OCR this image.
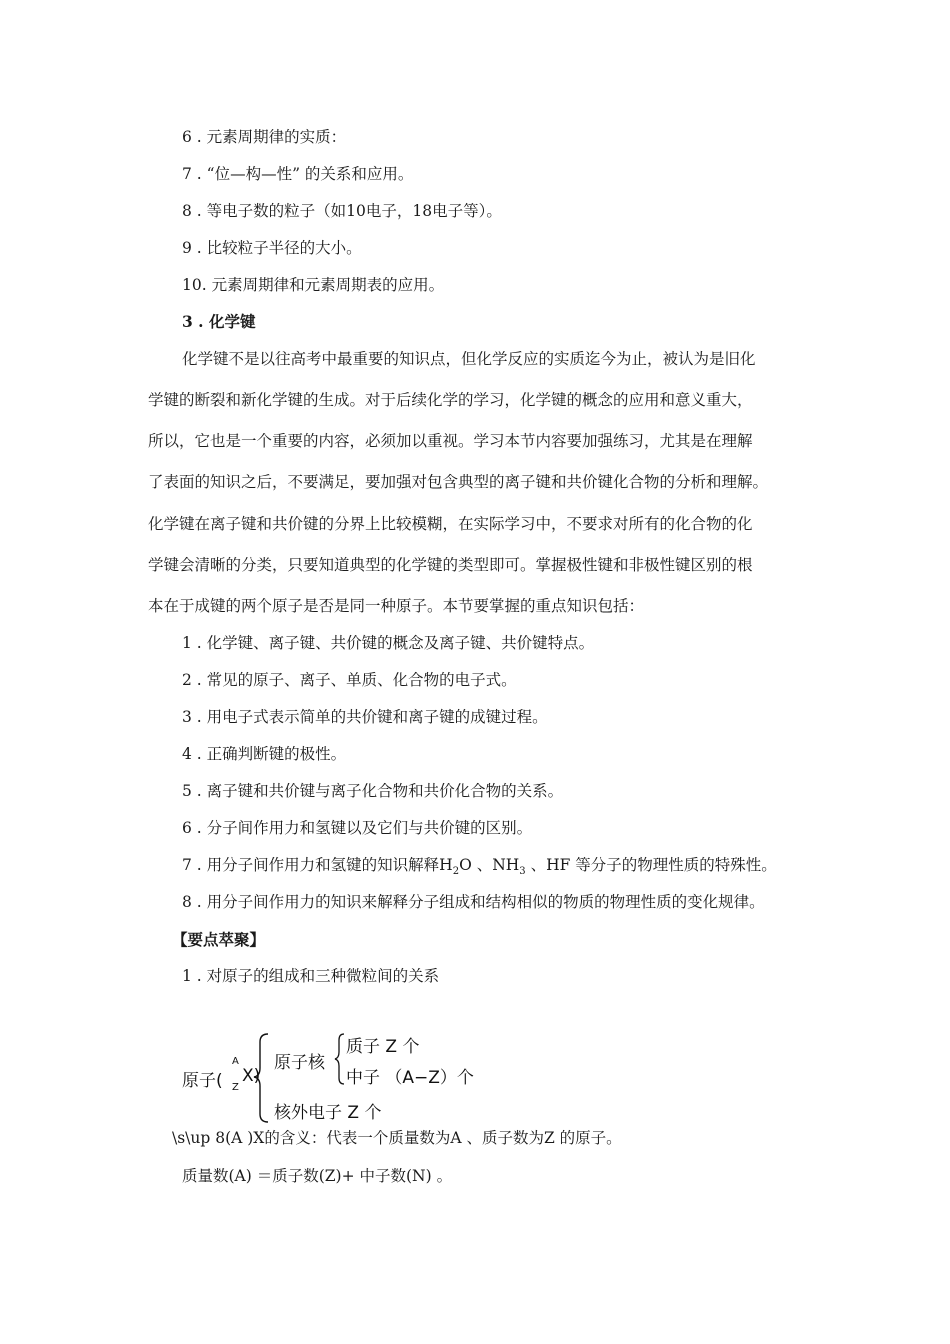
6 . 元素周期律的实质：
7 . “位—构—性” 的关系和应用。
8 . 等电子数的粒子（如10电子，18电子等）。
9 . 比较粒子半径的大小。
10. 元素周期律和元素周期表的应用。
3 . 化学键
化学键不是以往高考中最重要的知识点，但化学反应的实质迄今为止，被认为是旧化
学键的断裂和新化学键的生成。对于后续化学的学习，化学键的概念的应用和意义重大，
所以，它也是一个重要的内容，必须加以重视。学习本节内容要加强练习，尤其是在理解
了表面的知识之后，不要满足，要加强对包含典型的离子键和共价键化合物的分析和理解。
化学键在离子键和共价键的分界上比较模糊，在实际学习中，不要求对所有的化合物的化
学键会清晰的分类，只要知道典型的化学键的类型即可。掌握极性键和非极性键区别的根
本在于成键的两个原子是否是同一种原子。本节要掌握的重点知识包括：
1 . 化学键、离子键、共价键的概念及离子键、共价键特点。
2 . 常见的原子、离子、单质、化合物的电子式。
3 . 用电子式表示简单的共价键和离子键的成键过程。
4 . 正确判断键的极性。
5 . 离子键和共价键与离子化合物和共价化合物的关系。
6 . 分子间作用力和氢键以及它们与共价键的区别。
7 . 用分子间作用力和氢键的知识解释$H_2O$ 、$NH_3$ 、HF 等分子的物理性质的特殊性。
8 . 用分子间作用力的知识来解释分子组成和结构相似的物质的物理性质的变化规律。
【要点萃聚】
1 . 对原子的组成和三种微粒间的关系
原子(
A
Z
X)
原子核
质子 Z 个
中子 （A−Z）个
核外电子 Z 个
\s\up 8(A )X的含义：代表一个质量数为A 、质子数为Z 的原子。
质量数(A) ＝质子数(Z)+ 中子数(N) 。
